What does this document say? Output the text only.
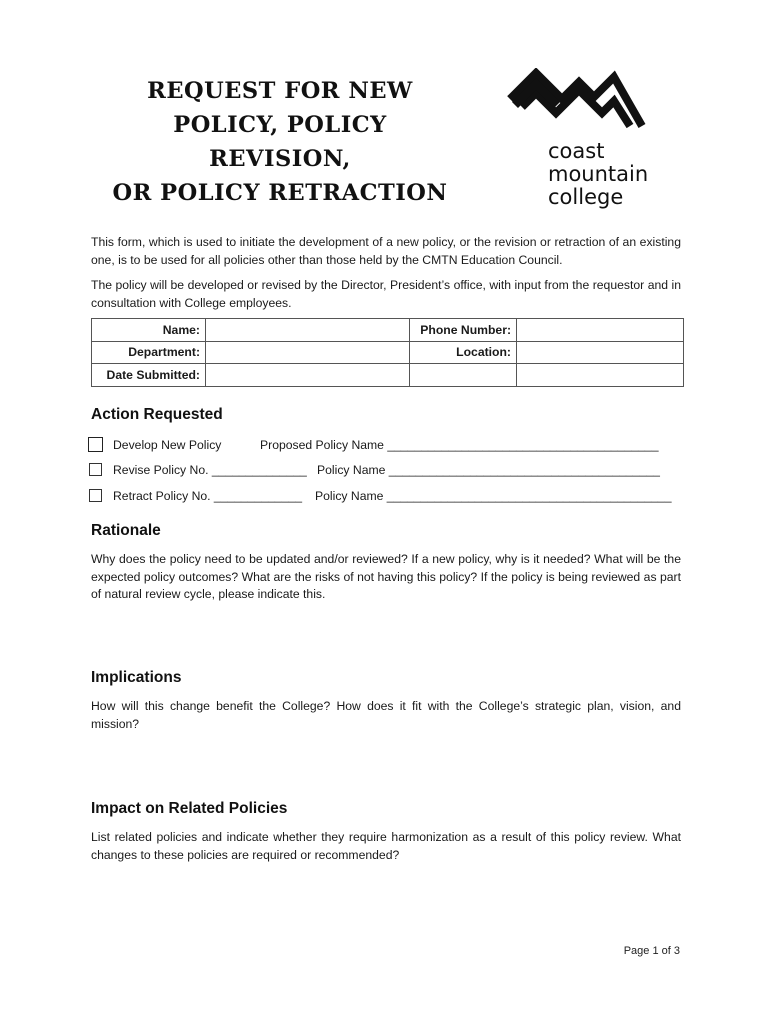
REQUEST FOR NEW
POLICY, POLICY
REVISION,
OR POLICY RETRACTION
coast
mountain
college
This form, which is used to initiate the development of a new policy, or the revision or retraction of an existing one, is to be used for all policies other than those held by the CMTN Education Council.
The policy will be developed or revised by the Director, President’s office, with input from the requestor and in consultation with College employees.
Name:		Phone Number:	
Department:		Location:	
Date Submitted:			
Action Requested
Develop New Policy	Proposed Policy Name ________________________________________
Revise Policy No. ______________ Policy Name ________________________________________
Retract Policy No. _____________ Policy Name __________________________________________
Rationale
Why does the policy need to be updated and/or reviewed? If a new policy, why is it needed? What will be the expected policy outcomes? What are the risks of not having this policy? If the policy is being reviewed as part of natural review cycle, please indicate this.
Implications
How will this change benefit the College? How does it fit with the College’s strategic plan, vision, and mission?
Impact on Related Policies
List related policies and indicate whether they require harmonization as a result of this policy review. What changes to these policies are required or recommended?
Page 1 of 3
